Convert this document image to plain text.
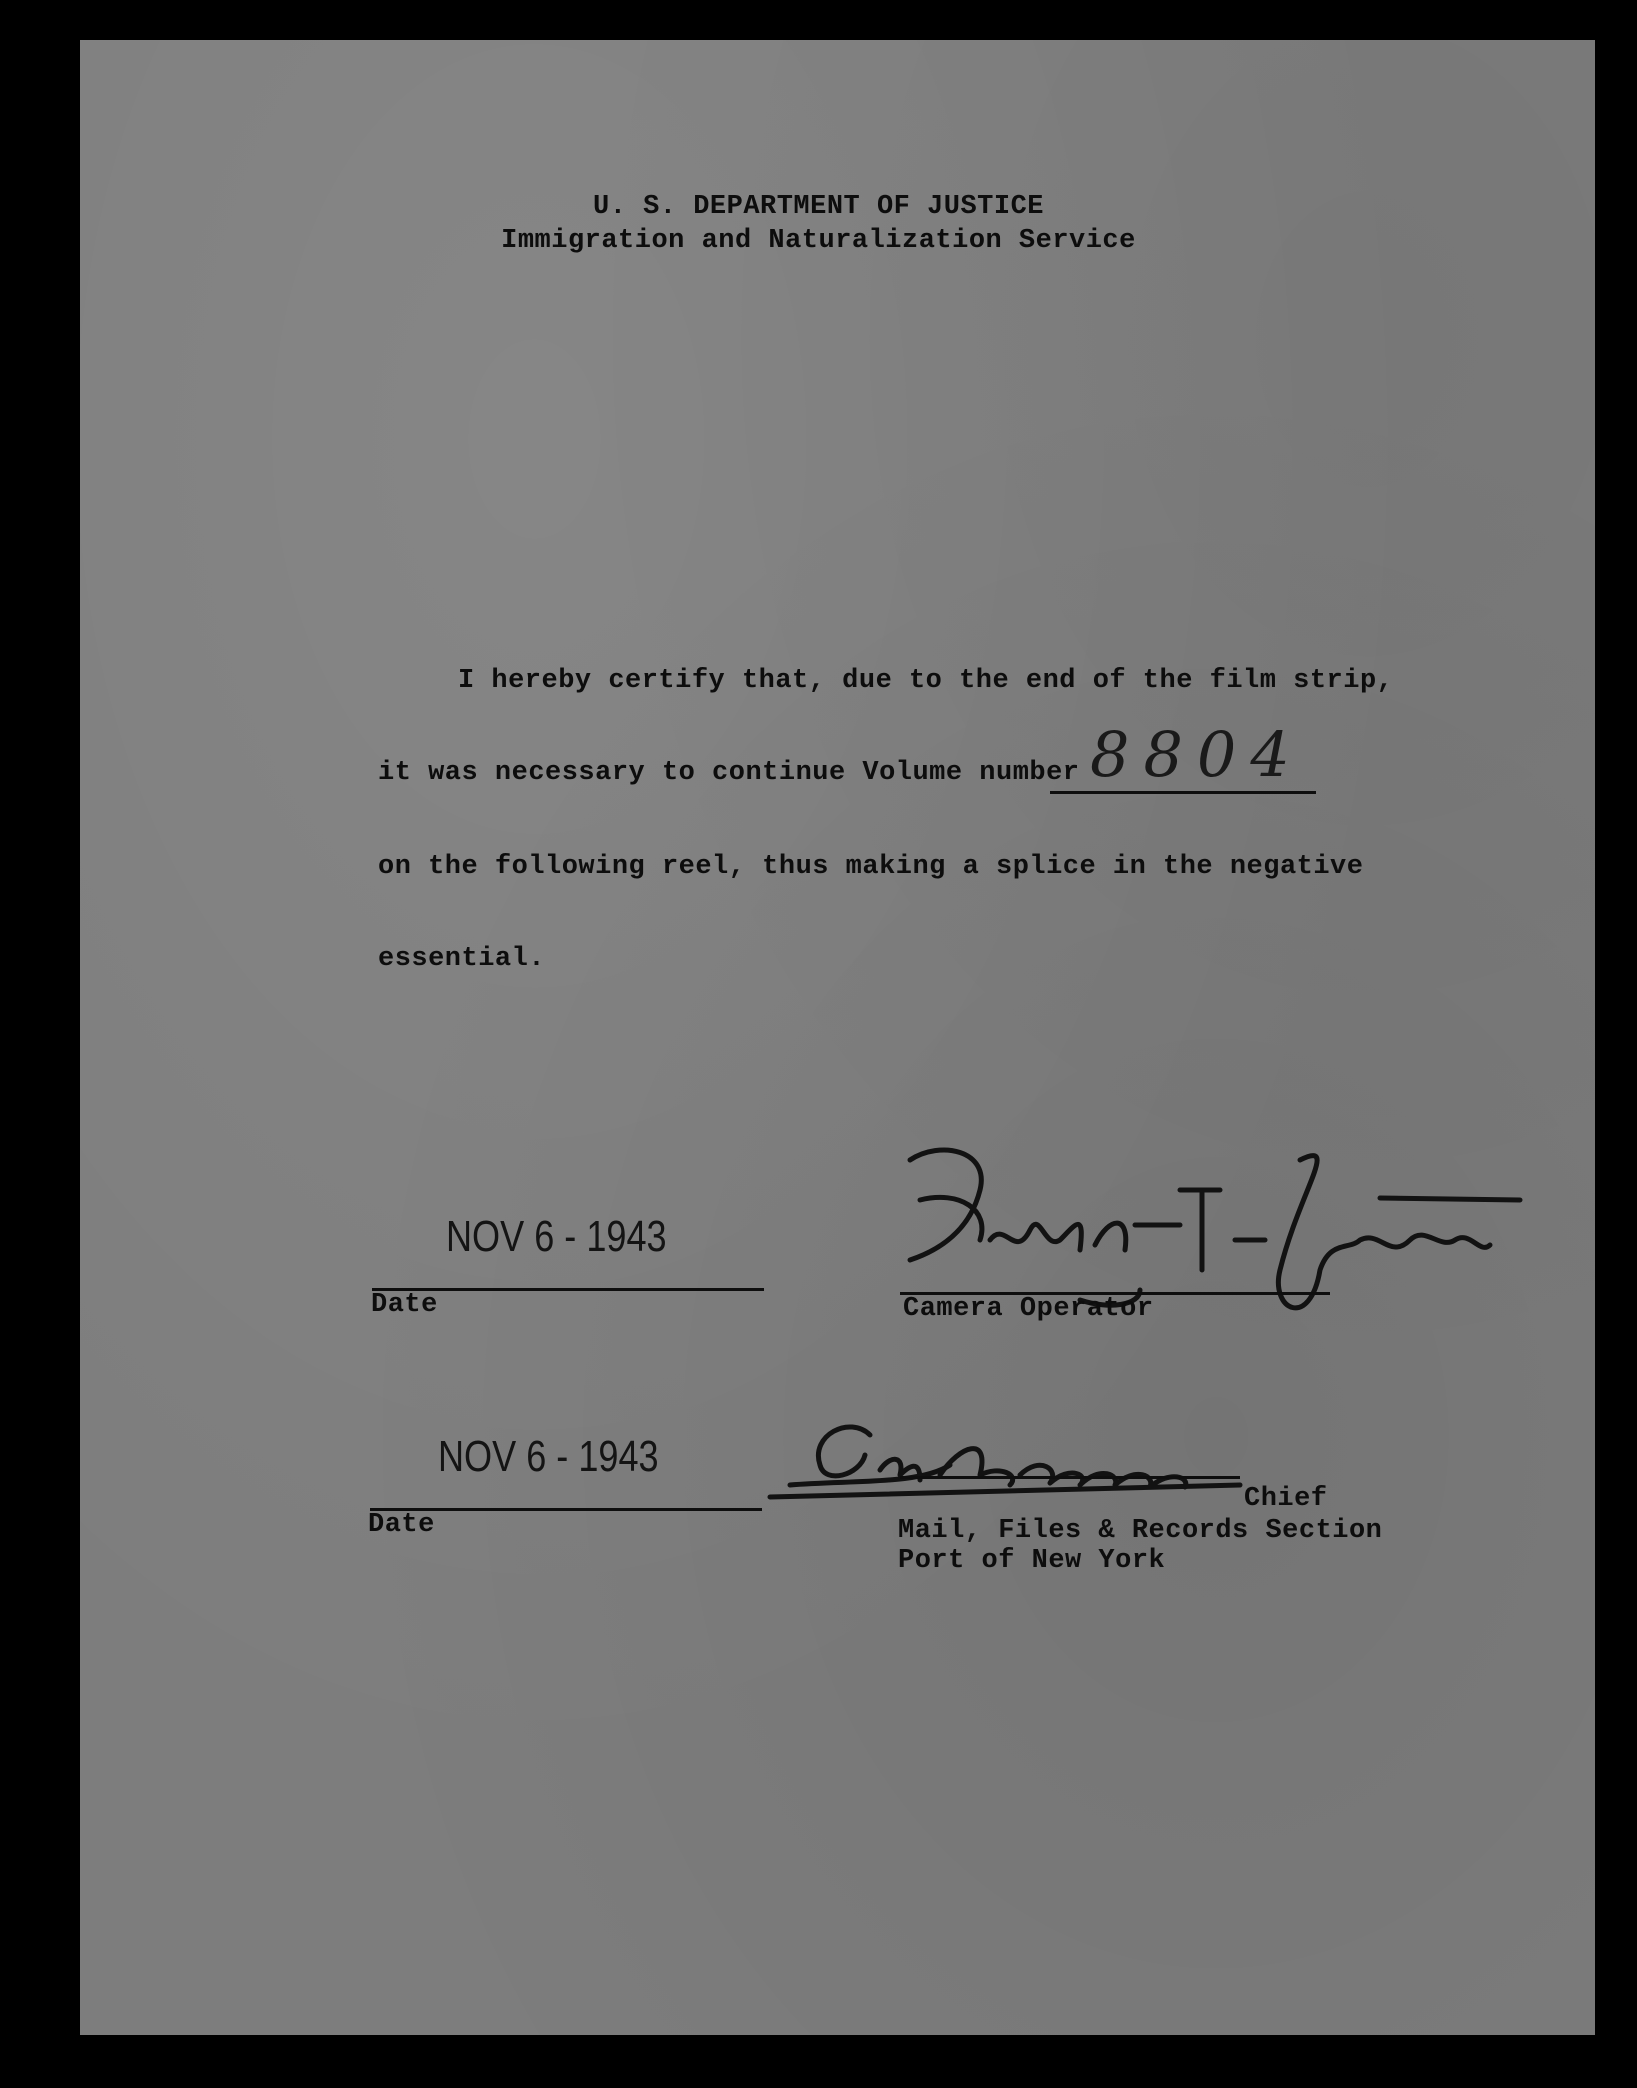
U. S. DEPARTMENT OF JUSTICE

Immigration and Naturalization Service

I hereby certify that, due to the end of the film strip,

it was necessary to continue Volume number 8804

on the following reel, thus making a splice in the negative

essential.

NOV 6 - 1943

Date	Camera Operator

NOV 6 - 1943

Date

Chief

Mail, Files & Records Section

Port of New York
